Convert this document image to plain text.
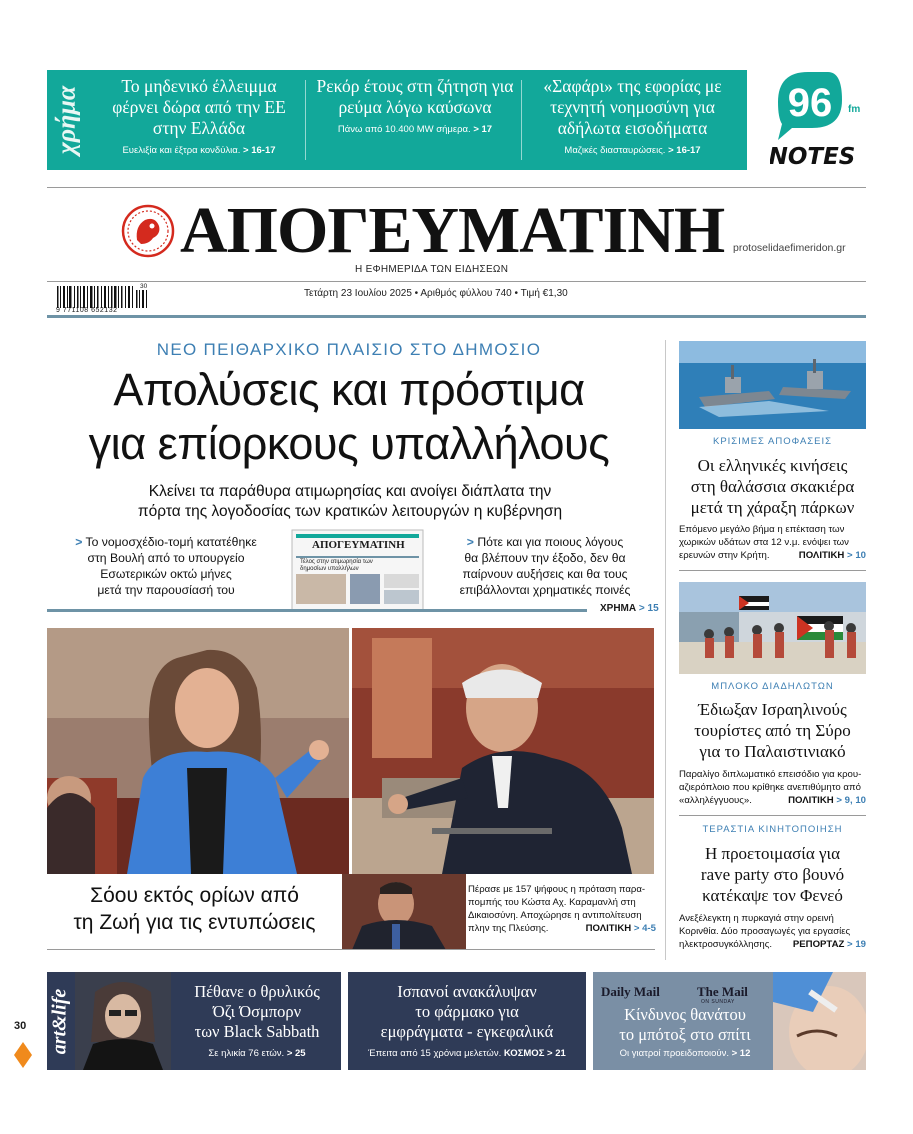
χρήμα	Το μηδενικό έλλειμμα φέρνει δώρα από την ΕΕ στην Ελλάδα
Ευελιξία και έξτρα κονδύλια. > 16-17
Ρεκόρ έτους στη ζήτηση για ρεύμα λόγω καύσωνα
Πάνω από 10.400 MW σήμερα. > 17
«Σαφάρι» της εφορίας με τεχνητή νοημοσύνη για αδήλωτα εισοδήματα
Μαζικές διασταυρώσεις. > 16-17
96 fm
NOTES
ΑΠΟΓΕΥΜΑΤΙΝΗ protoselidaefimeridon.gr
Η ΕΦΗΜΕΡΙΔΑ ΤΩΝ ΕΙΔΗΣΕΩΝ
Τετάρτη 23 Ιουλίου 2025 • Αριθμός φύλλου 740 • Τιμή €1,30
9 771108 652132
30
ΝΕΟ ΠΕΙΘΑΡΧΙΚΟ ΠΛΑΙΣΙΟ ΣΤΟ ΔΗΜΟΣΙΟ
Απολύσεις και πρόστιμα
για επίορκους υπαλλήλους
Κλείνει τα παράθυρα ατιμωρησίας και ανοίγει διάπλατα την
πόρτα της λογοδοσίας των κρατικών λειτουργών η κυβέρνηση
> Το νομοσχέδιο-τομή κατατέθηκε
στη Βουλή από το υπουργείο
Εσωτερικών οκτώ μήνες
μετά την παρουσίασή του
ΑΠΟΓΕΥΜΑΤΙΝΗ
Τέλος στην ατιμωρησία των δημοσίων υπαλλήλων
> Πότε και για ποιους λόγους
θα βλέπουν την έξοδο, δεν θα
παίρνουν αυξήσεις και θα τους
επιβάλλονται χρηματικές ποινές
ΧΡΗΜΑ > 15
Σόου εκτός ορίων από
τη Ζωή για τις εντυπώσεις
Πέρασε με 157 ψήφους η πρόταση παρα-
πομπής του Κώστα Αχ. Καραμανλή στη
Δικαιοσύνη. Αποχώρησε η αντιπολίτευση
πλην της Πλεύσης.	ΠΟΛΙΤΙΚΗ > 4-5
ΚΡΙΣΙΜΕΣ ΑΠΟΦΑΣΕΙΣ
Οι ελληνικές κινήσεις
στη θαλάσσια σκακιέρα
μετά τη χάραξη πάρκων
Επόμενο μεγάλο βήμα η επέκταση των
χωρικών υδάτων στα 12 ν.μ. ενόψει των
ερευνών στην Κρήτη.	ΠΟΛΙΤΙΚΗ > 10
ΜΠΛΟΚΟ ΔΙΑΔΗΛΩΤΩΝ
Έδιωξαν Ισραηλινούς
τουρίστες από τη Σύρο
για το Παλαιστινιακό
Παραλίγο διπλωματικό επεισόδιο για κρου-
αζιερόπλοιο που κρίθηκε ανεπιθύμητο από
«αλληλέγγυους».	ΠΟΛΙΤΙΚΗ > 9, 10
ΤΕΡΑΣΤΙΑ ΚΙΝΗΤΟΠΟΙΗΣΗ
Η προετοιμασία για
rave party στο βουνό
κατέκαψε τον Φενεό
Ανεξέλεγκτη η πυρκαγιά στην ορεινή
Κορινθία. Δύο προσαγωγές για εργασίες
ηλεκτροσυγκόλλησης. ΡΕΠΟΡΤΑΖ > 19
30 art&life	Πέθανε ο θρυλικός
Όζι Όσμπορν
των Black Sabbath
Σε ηλικία 76 ετών. > 25
Ισπανοί ανακάλυψαν
το φάρμακο για
εμφράγματα - εγκεφαλικά
Έπειτα από 15 χρόνια μελετών. ΚΟΣΜΟΣ > 21
Daily Mail	The Mail
ON SUNDAY
Κίνδυνος θανάτου
το μπότοξ στο σπίτι
Οι γιατροί προειδοποιούν. > 12
